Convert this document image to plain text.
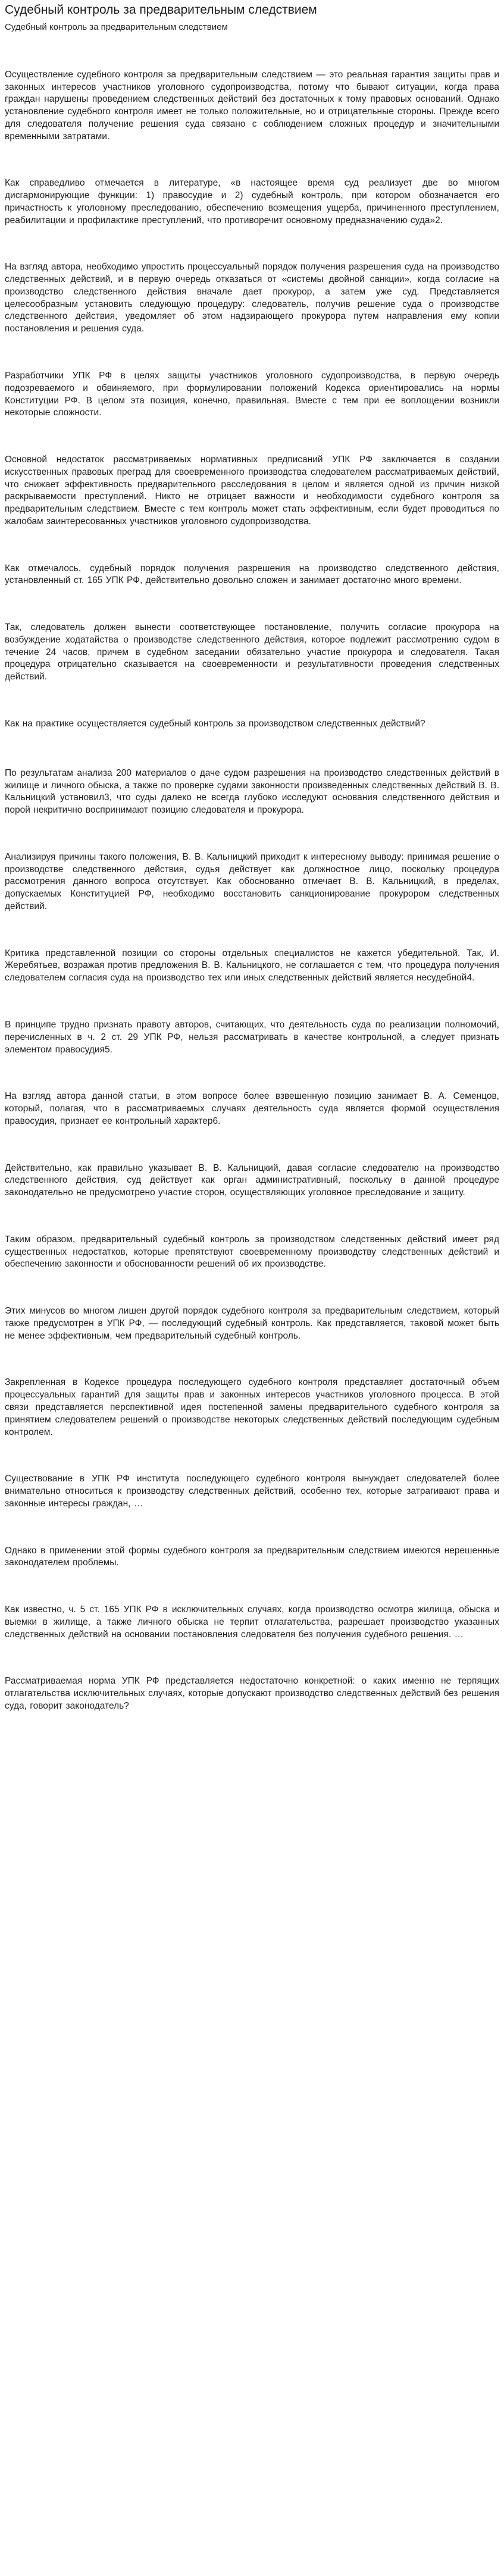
Судебный контроль за предварительным следствием
Судебный контроль за предварительным следствием

Осуществление судебного контроля за предварительным следствием — это реальная гарантия защиты прав и законных интересов участников уголовного судопроизводства, потому что бывают ситуации, когда права граждан нарушены проведением следственных действий без достаточных к тому правовых оснований. Однако установление судебного контроля имеет не только положительные, но и отрицательные стороны. Прежде всего для следователя получение решения суда связано с соблюдением сложных процедур и значительными временными затратами.

Как справедливо отмечается в литературе, «в настоящее время суд реализует две во многом дисгармонирующие функции: 1) правосудие и 2) судебный контроль, при котором обозначается его причастность к уголовному преследованию, обеспечению возмещения ущерба, причиненного преступлением, реабилитации и профилактике преступлений, что противоречит основному предназначению суда»2.

На взгляд автора, необходимо упростить процессуальный порядок получения разрешения суда на производство следственных действий, и в первую очередь отказаться от «системы двойной санкции», когда согласие на производство следственного действия вначале дает прокурор, а затем уже суд. Представляется целесообразным установить следующую процедуру: следователь, получив решение суда о производстве следственного действия, уведомляет об этом надзирающего прокурора путем направления ему копии постановления и решения суда.

Разработчики УПК РФ в целях защиты участников уголовного судопроизводства, в первую очередь подозреваемого и обвиняемого, при формулировании положений Кодекса ориентировались на нормы Конституции РФ. В целом эта позиция, конечно, правильная. Вместе с тем при ее воплощении возникли некоторые сложности.

Основной недостаток рассматриваемых нормативных предписаний УПК РФ заключается в создании искусственных правовых преград для своевременного производства следователем рассматриваемых действий, что снижает эффективность предварительного расследования в целом и является одной из причин низкой раскрываемости преступлений. Никто не отрицает важности и необходимости судебного контроля за предварительным следствием. Вместе с тем контроль может стать эффективным, если будет проводиться по жалобам заинтересованных участников уголовного судопроизводства.

Как отмечалось, судебный порядок получения разрешения на производство следственного действия, установленный ст. 165 УПК РФ, действительно довольно сложен и занимает достаточно много времени.

Так, следователь должен вынести соответствующее постановление, получить согласие прокурора на возбуждение ходатайства о производстве следственного действия, которое подлежит рассмотрению судом в течение 24 часов, причем в судебном заседании обязательно участие прокурора и следователя. Такая процедура отрицательно сказывается на своевременности и результативности проведения следственных действий.

Как на практике осуществляется судебный контроль за производством следственных действий?

По результатам анализа 200 материалов о даче судом разрешения на производство следственных действий в жилище и личного обыска, а также по проверке судами законности произведенных следственных действий В. В. Кальницкий установил3, что суды далеко не всегда глубоко исследуют основания следственного действия и порой некритично воспринимают позицию следователя и прокурора.

Анализируя причины такого положения, В. В. Кальницкий приходит к интересному выводу: принимая решение о производстве следственного действия, судья действует как должностное лицо, поскольку процедура рассмотрения данного вопроса отсутствует. Как обоснованно отмечает В. В. Кальницкий, в пределах, допускаемых Конституцией РФ, необходимо восстановить санкционирование прокурором следственных действий.

Критика представленной позиции со стороны отдельных специалистов не кажется убедительной. Так, И. Жеребятьев, возражая против предложения В. В. Кальницкого, не соглашается с тем, что процедура получения следователем согласия суда на производство тех или иных следственных действий является несудебной4.

В принципе трудно признать правоту авторов, считающих, что деятельность суда по реализации полномочий, перечисленных в ч. 2 ст. 29 УПК РФ, нельзя рассматривать в качестве контрольной, а следует признать элементом правосудия5.

На взгляд автора данной статьи, в этом вопросе более взвешенную позицию занимает В. А. Семенцов, который, полагая, что в рассматриваемых случаях деятельность суда является формой осуществления правосудия, признает ее контрольный характер6.

Действительно, как правильно указывает В. В. Кальницкий, давая согласие следователю на производство следственного действия, суд действует как орган административный, поскольку в данной процедуре законодательно не предусмотрено участие сторон, осуществляющих уголовное преследование и защиту.

Таким образом, предварительный судебный контроль за производством следственных действий имеет ряд существенных недостатков, которые препятствуют своевременному производству следственных действий и обеспечению законности и обоснованности решений об их производстве.

Этих минусов во многом лишен другой порядок судебного контроля за предварительным следствием, который также предусмотрен в УПК РФ, — последующий судебный контроль. Как представляется, таковой может быть не менее эффективным, чем предварительный судебный контроль.

Закрепленная в Кодексе процедура последующего судебного контроля представляет достаточный объем процессуальных гарантий для защиты прав и законных интересов участников уголовного процесса. В этой связи представляется перспективной идея постепенной замены предварительного судебного контроля за принятием следователем решений о производстве некоторых следственных действий последующим судебным контролем.

Существование в УПК РФ института последующего судебного контроля вынуждает следователей более внимательно относиться к производству следственных действий, особенно тех, которые затрагивают права и законные интересы граждан, …

Однако в применении этой формы судебного контроля за предварительным следствием имеются нерешенные законодателем проблемы.

Как известно, ч. 5 ст. 165 УПК РФ в исключительных случаях, когда производство осмотра жилища, обыска и выемки в жилище, а также личного обыска не терпит отлагательства, разрешает производство указанных следственных действий на основании постановления следователя без получения судебного решения. …

Рассматриваемая норма УПК РФ представляется недостаточно конкретной: о каких именно не терпящих отлагательства исключительных случаях, которые допускают производство следственных действий без решения суда, говорит законодатель?
